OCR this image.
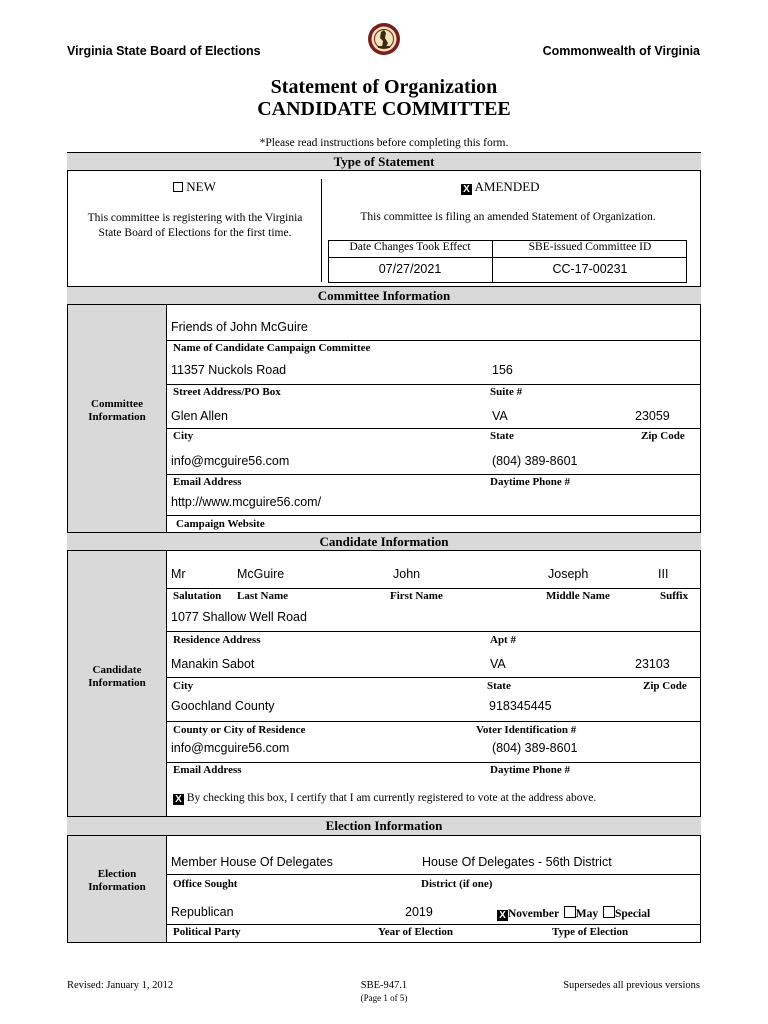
Virginia State Board of Elections	Commonwealth of Virginia
Statement of Organization
CANDIDATE COMMITTEE
*Please read instructions before completing this form.
Type of Statement
NEW
This committee is registering with the Virginia State Board of Elections for the first time.
X AMENDED
This committee is filing an amended Statement of Organization.
Date Changes Took Effect	SBE-issued Committee ID
07/27/2021	CC-17-00231
Committee Information
Committee Information
Friends of John McGuire
Name of Candidate Campaign Committee
11357 Nuckols Road	156
Street Address/PO Box	Suite #
Glen Allen	VA	23059
City	State	Zip Code
info@mcguire56.com	(804) 389-8601
Email Address	Daytime Phone #
http://www.mcguire56.com/
Campaign Website
Candidate Information
Candidate Information
Mr	McGuire	John	Joseph	III
Salutation Last Name	First Name	Middle Name	Suffix
1077 Shallow Well Road
Residence Address	Apt #
Manakin Sabot	VA	23103
City	State	Zip Code
Goochland County	918345445
County or City of Residence	Voter Identification #
info@mcguire56.com	(804) 389-8601
Email Address	Daytime Phone #
X By checking this box, I certify that I am currently registered to vote at the address above.
Election Information
Election Information
Member House Of Delegates	House Of Delegates - 56th District
Office Sought	District (if one)
Republican	2019	X November May Special
Political Party	Year of Election	Type of Election
Revised: January 1, 2012	SBE-947.1
(Page 1 of 5)
Supersedes all previous versions
